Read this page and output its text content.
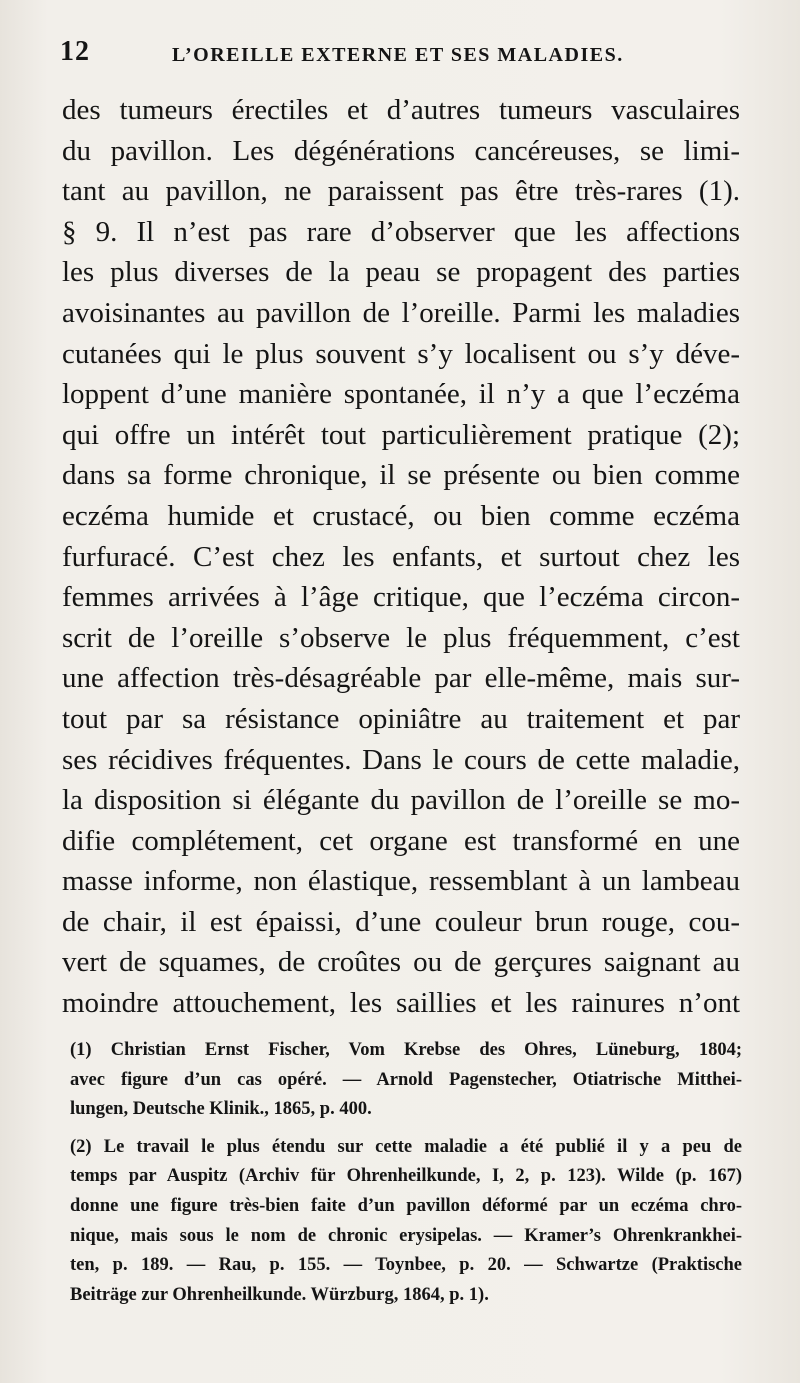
12	L’OREILLE EXTERNE ET SES MALADIES.
des tumeurs érectiles et d’autres tumeurs vasculaires
du pavillon. Les dégénérations cancéreuses, se limi-
tant au pavillon, ne paraissent pas être très-rares (1).
§ 9. Il n’est pas rare d’observer que les affections
les plus diverses de la peau se propagent des parties
avoisinantes au pavillon de l’oreille. Parmi les maladies
cutanées qui le plus souvent s’y localisent ou s’y déve-
loppent d’une manière spontanée, il n’y a que l’eczéma
qui offre un intérêt tout particulièrement pratique (2);
dans sa forme chronique, il se présente ou bien comme
eczéma humide et crustacé, ou bien comme eczéma
furfuracé. C’est chez les enfants, et surtout chez les
femmes arrivées à l’âge critique, que l’eczéma circon-
scrit de l’oreille s’observe le plus fréquemment, c’est
une affection très-désagréable par elle-même, mais sur-
tout par sa résistance opiniâtre au traitement et par
ses récidives fréquentes. Dans le cours de cette maladie,
la disposition si élégante du pavillon de l’oreille se mo-
difie complétement, cet organe est transformé en une
masse informe, non élastique, ressemblant à un lambeau
de chair, il est épaissi, d’une couleur brun rouge, cou-
vert de squames, de croûtes ou de gerçures saignant au
moindre attouchement, les saillies et les rainures n’ont
(1) Christian Ernst Fischer, Vom Krebse des Ohres, Lüneburg, 1804;
avec figure d’un cas opéré. — Arnold Pagenstecher, Otiatrische Mitthei-
lungen, Deutsche Klinik., 1865, p. 400.
(2) Le travail le plus étendu sur cette maladie a été publié il y a peu de
temps par Auspitz (Archiv für Ohrenheilkunde, I, 2, p. 123). Wilde (p. 167)
donne une figure très-bien faite d’un pavillon déformé par un eczéma chro-
nique, mais sous le nom de chronic erysipelas. — Kramer’s Ohrenkrankhei-
ten, p. 189. — Rau, p. 155. — Toynbee, p. 20. — Schwartze (Praktische
Beiträge zur Ohrenheilkunde. Würzburg, 1864, p. 1).
